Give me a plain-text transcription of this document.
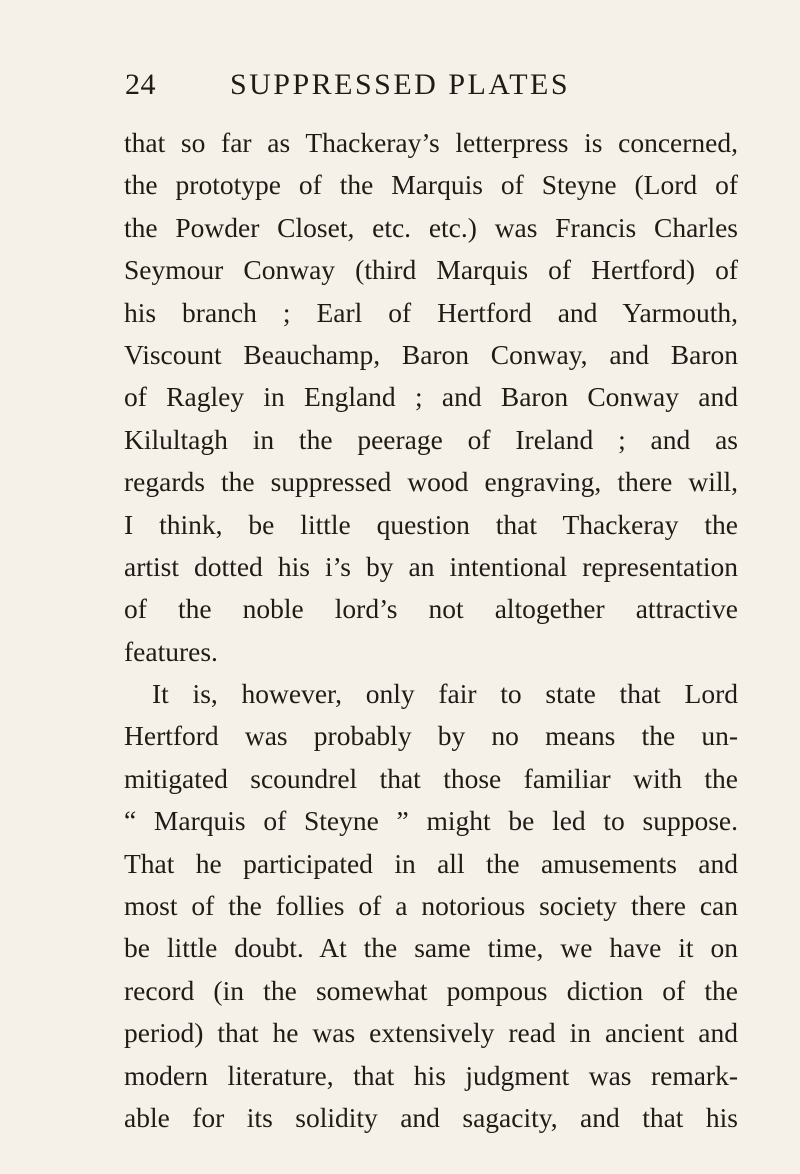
SUPPRESSED PLATES
24
that so far as Thackeray’s letterpress is concerned,
the prototype of the Marquis of Steyne (Lord of
the Powder Closet, etc. etc.) was Francis Charles
Seymour Conway (third Marquis of Hertford) of
his branch ; Earl of Hertford and Yarmouth,
Viscount Beauchamp, Baron Conway, and Baron
of Ragley in England ; and Baron Conway and
Kilultagh in the peerage of Ireland ; and as
regards the suppressed wood engraving, there will,
I think, be little question that Thackeray the
artist dotted his i’s by an intentional representation
of the noble lord’s not altogether attractive
features.
It is, however, only fair to state that Lord
Hertford was probably by no means the un-
mitigated scoundrel that those familiar with the
“ Marquis of Steyne ” might be led to suppose.
That he participated in all the amusements and
most of the follies of a notorious society there can
be little doubt. At the same time, we have it on
record (in the somewhat pompous diction of the
period) that he was extensively read in ancient and
modern literature, that his judgment was remark-
able for its solidity and sagacity, and that his
